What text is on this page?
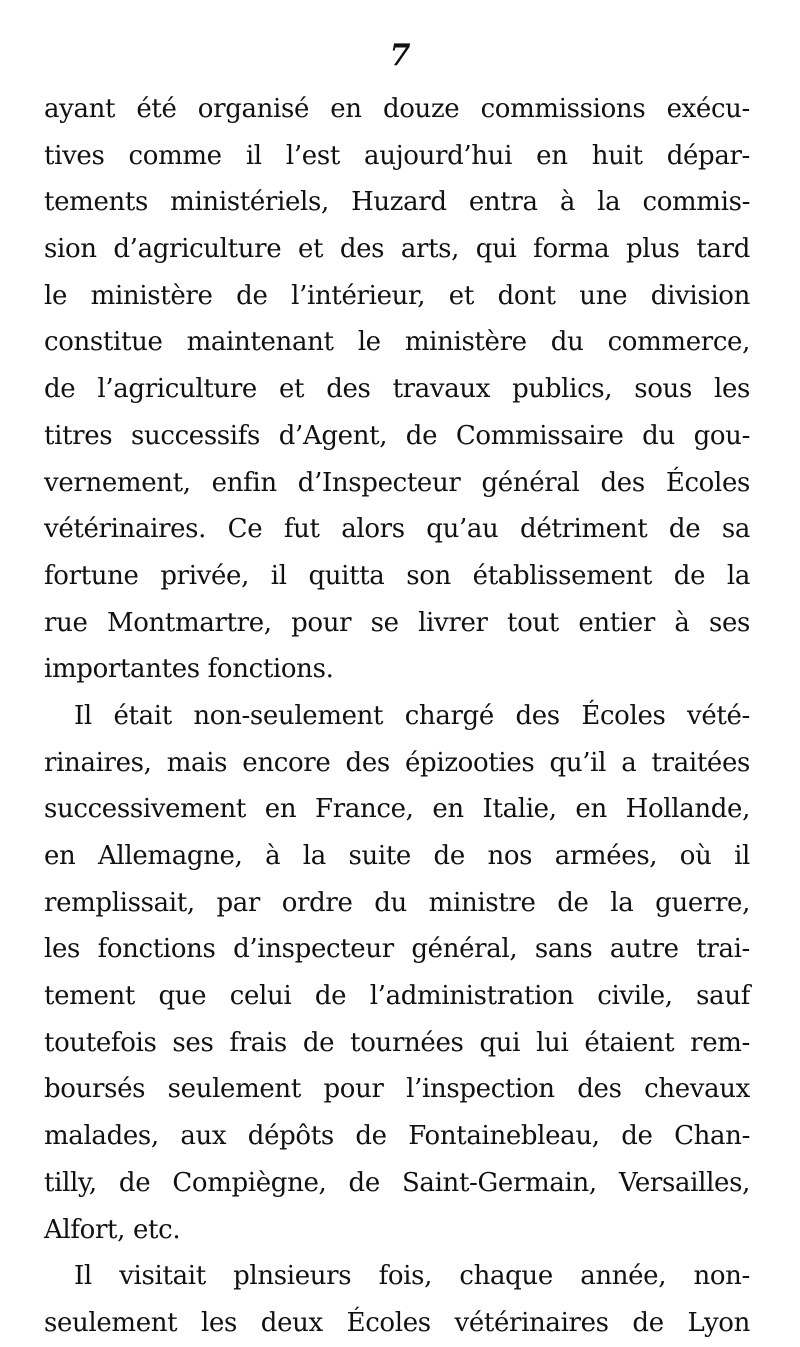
7
ayant été organisé en douze commissions exécu-
tives comme il l’est aujourd’hui en huit dépar-
tements ministériels, Huzard entra à la commis-
sion d’agriculture et des arts, qui forma plus tard
le ministère de l’intérieur, et dont une division
constitue maintenant le ministère du commerce,
de l’agriculture et des travaux publics, sous les
titres successifs d’Agent, de Commissaire du gou-
vernement, enfin d’Inspecteur général des Écoles
vétérinaires. Ce fut alors qu’au détriment de sa
fortune privée, il quitta son établissement de la
rue Montmartre, pour se livrer tout entier à ses
importantes fonctions.
Il était non-seulement chargé des Écoles vété-
rinaires, mais encore des épizooties qu’il a traitées
successivement en France, en Italie, en Hollande,
en Allemagne, à la suite de nos armées, où il
remplissait, par ordre du ministre de la guerre,
les fonctions d’inspecteur général, sans autre trai-
tement que celui de l’administration civile, sauf
toutefois ses frais de tournées qui lui étaient rem-
boursés seulement pour l’inspection des chevaux
malades, aux dépôts de Fontainebleau, de Chan-
tilly, de Compiègne, de Saint-Germain, Versailles,
Alfort, etc.
Il visitait plnsieurs fois, chaque année, non-
seulement les deux Écoles vétérinaires de Lyon
